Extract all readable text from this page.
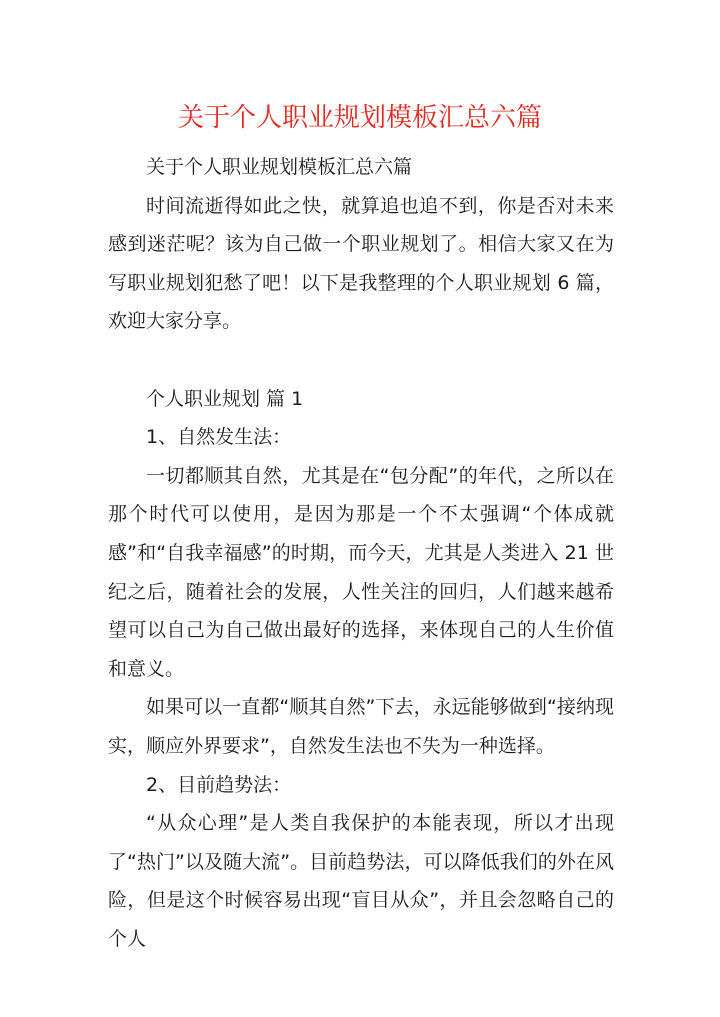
关于个人职业规划模板汇总六篇

关于个人职业规划模板汇总六篇

时间流逝得如此之快，就算追也追不到，你是否对未来感到迷茫呢？该为自己做一个职业规划了。相信大家又在为写职业规划犯愁了吧！以下是我整理的个人职业规划 6 篇，欢迎大家分享。

个人职业规划 篇 1

1、自然发生法：

一切都顺其自然，尤其是在“包分配”的年代，之所以在那个时代可以使用，是因为那是一个不太强调“个体成就感”和“自我幸福感”的时期，而今天，尤其是人类进入 21 世纪之后，随着社会的发展，人性关注的回归，人们越来越希望可以自己为自己做出最好的选择，来体现自己的人生价值和意义。

如果可以一直都“顺其自然”下去，永远能够做到“接纳现实，顺应外界要求”，自然发生法也不失为一种选择。

2、目前趋势法：

“从众心理”是人类自我保护的本能表现，所以才出现了“热门”以及随大流”。目前趋势法，可以降低我们的外在风险，但是这个时候容易出现“盲目从众”，并且会忽略自己的个人
